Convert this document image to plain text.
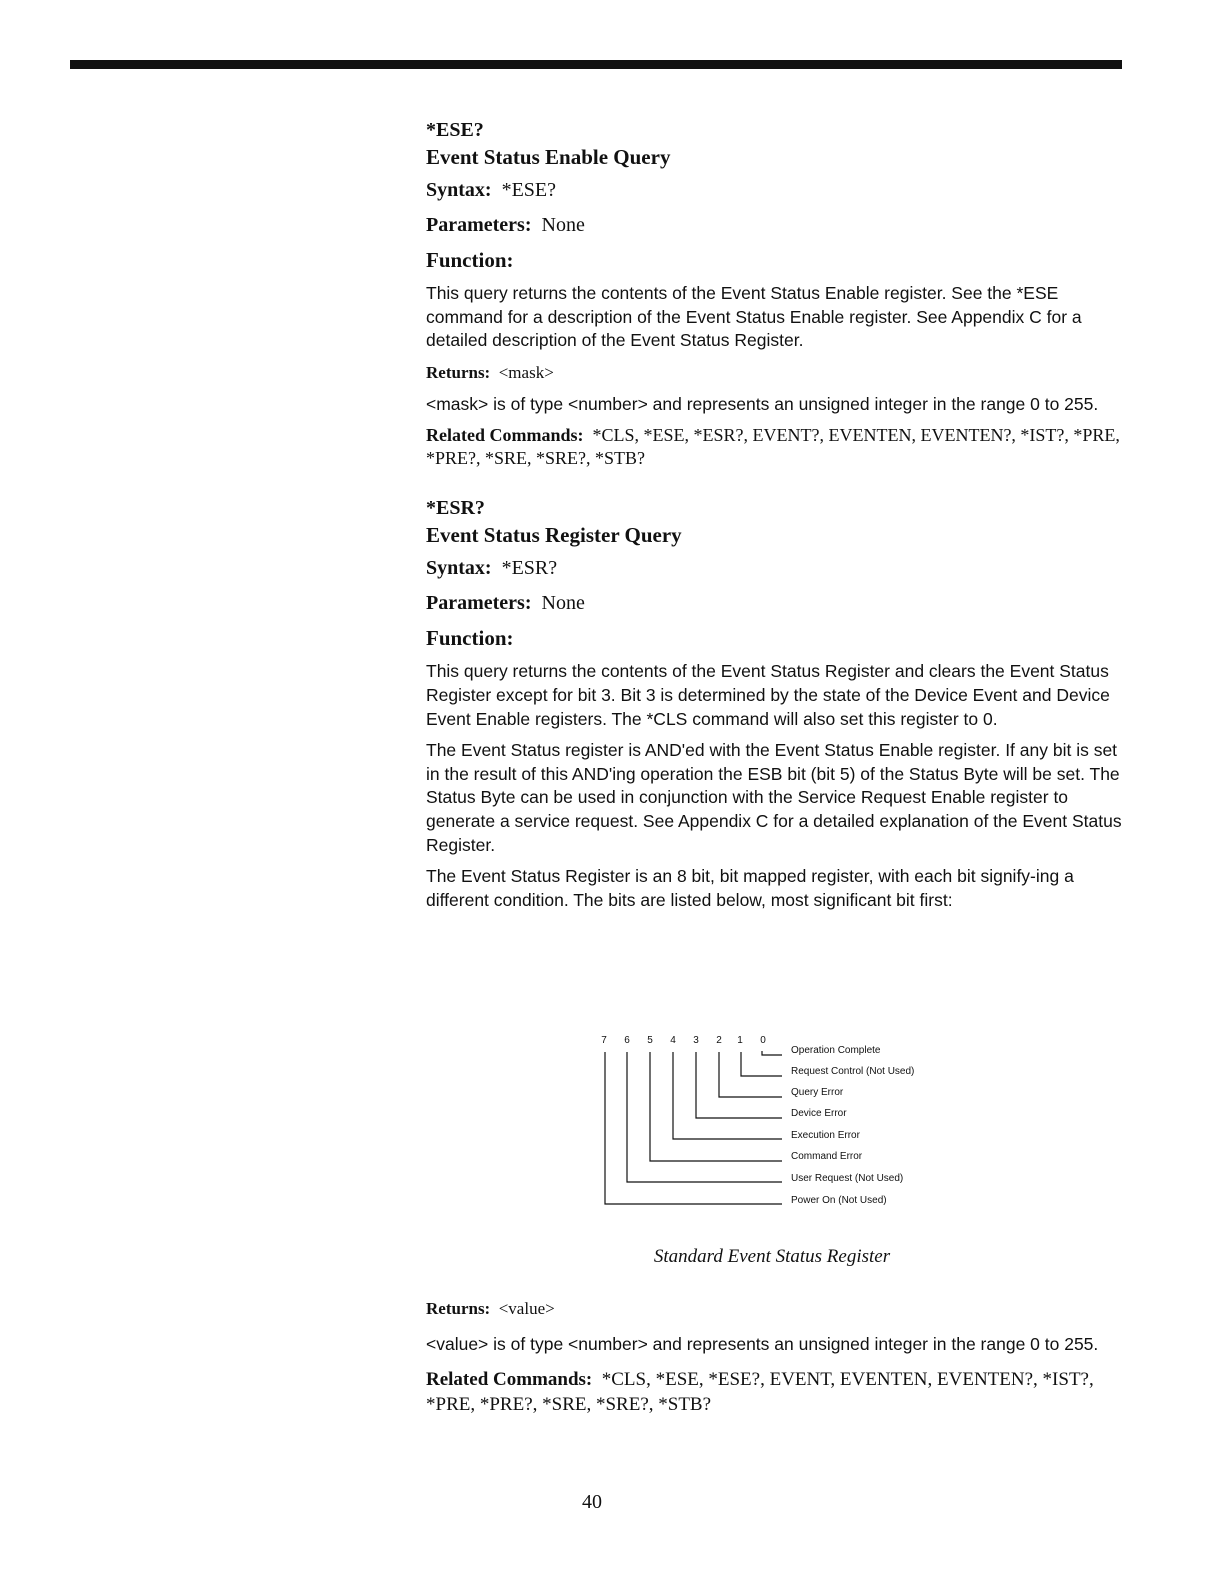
*ESE?
Event Status Enable Query
Syntax: *ESE?
Parameters: None
Function:

This query returns the contents of the Event Status Enable register. See the *ESE command for a description of the Event Status Enable register. See Appendix C for a detailed description of the Event Status Register.

Returns: <mask>

<mask> is of type <number> and represents an unsigned integer in the range 0 to 255.

Related Commands: *CLS, *ESE, *ESR?, EVENT?, EVENTEN, EVENTEN?, *IST?, *PRE, *PRE?, *SRE, *SRE?, *STB?

*ESR?
Event Status Register Query
Syntax: *ESR?
Parameters: None
Function:

This query returns the contents of the Event Status Register and clears the Event Status Register except for bit 3. Bit 3 is determined by the state of the Device Event and Device Event Enable registers. The *CLS command will also set this register to 0.

The Event Status register is AND'ed with the Event Status Enable register. If any bit is set in the result of this AND'ing operation the ESB bit (bit 5) of the Status Byte will be set. The Status Byte can be used in conjunction with the Service Request Enable register to generate a service request. See Appendix C for a detailed explanation of the Event Status Register.

The Event Status Register is an 8 bit, bit mapped register, with each bit signify-ing a different condition. The bits are listed below, most significant bit first:

7 6 5 4 3 2 1 0
Operation Complete
Request Control (Not Used)
Query Error
Device Error
Execution Error
Command Error
User Request (Not Used)
Power On (Not Used)
Standard Event Status Register
Returns: <value>

<value> is of type <number> and represents an unsigned integer in the range 0 to 255.

Related Commands: *CLS, *ESE, *ESE?, EVENT, EVENTEN, EVENTEN?, *IST?, *PRE, *PRE?, *SRE, *SRE?, *STB?

40
